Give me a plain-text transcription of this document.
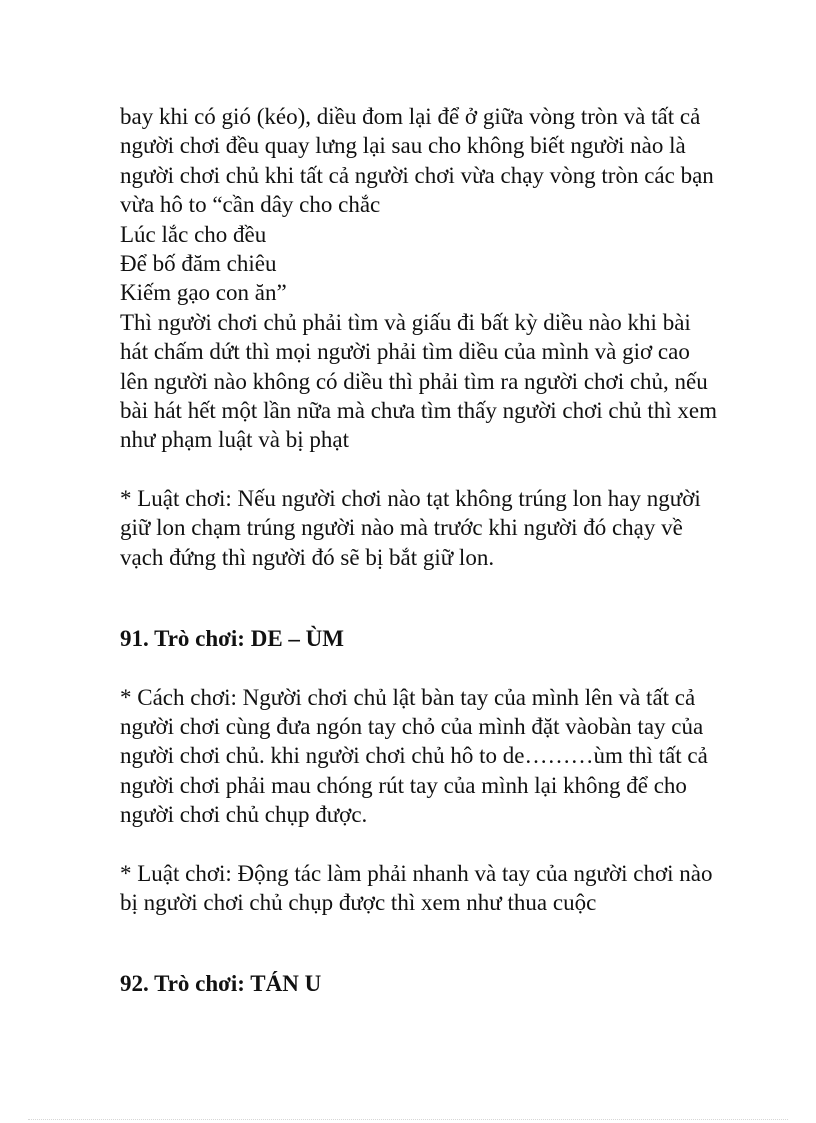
bay khi có gió (kéo), diều đom lại để ở giữa vòng tròn và tất cả
người chơi đều quay lưng lại sau cho không biết người nào là
người chơi chủ khi tất cả người chơi vừa chạy vòng tròn các bạn
vừa hô to “cần dây cho chắc
Lúc lắc cho đều
Để bố đăm chiêu
Kiếm gạo con ăn”
Thì người chơi chủ phải tìm và giấu đi bất kỳ diều nào khi bài
hát chấm dứt thì mọi người phải tìm diều của mình và giơ cao
lên người nào không có diều thì phải tìm ra người chơi chủ, nếu
bài hát hết một lần nữa mà chưa tìm thấy người chơi chủ thì xem
như phạm luật và bị phạt
* Luật chơi: Nếu người chơi nào tạt không trúng lon hay người
giữ lon chạm trúng người nào mà trước khi người đó chạy về
vạch đứng thì người đó sẽ bị bắt giữ lon.
91. Trò chơi: DE – ÙM
* Cách chơi: Người chơi chủ lật bàn tay của mình lên và tất cả
người chơi cùng đưa ngón tay chỏ của mình đặt vàobàn tay của
người chơi chủ. khi người chơi chủ hô to de………ùm thì tất cả
người chơi phải mau chóng rút tay của mình lại không để cho
người chơi chủ chụp được.
* Luật chơi: Động tác làm phải nhanh và tay của người chơi nào
bị người chơi chủ chụp được thì xem như thua cuộc
92. Trò chơi: TÁN U
